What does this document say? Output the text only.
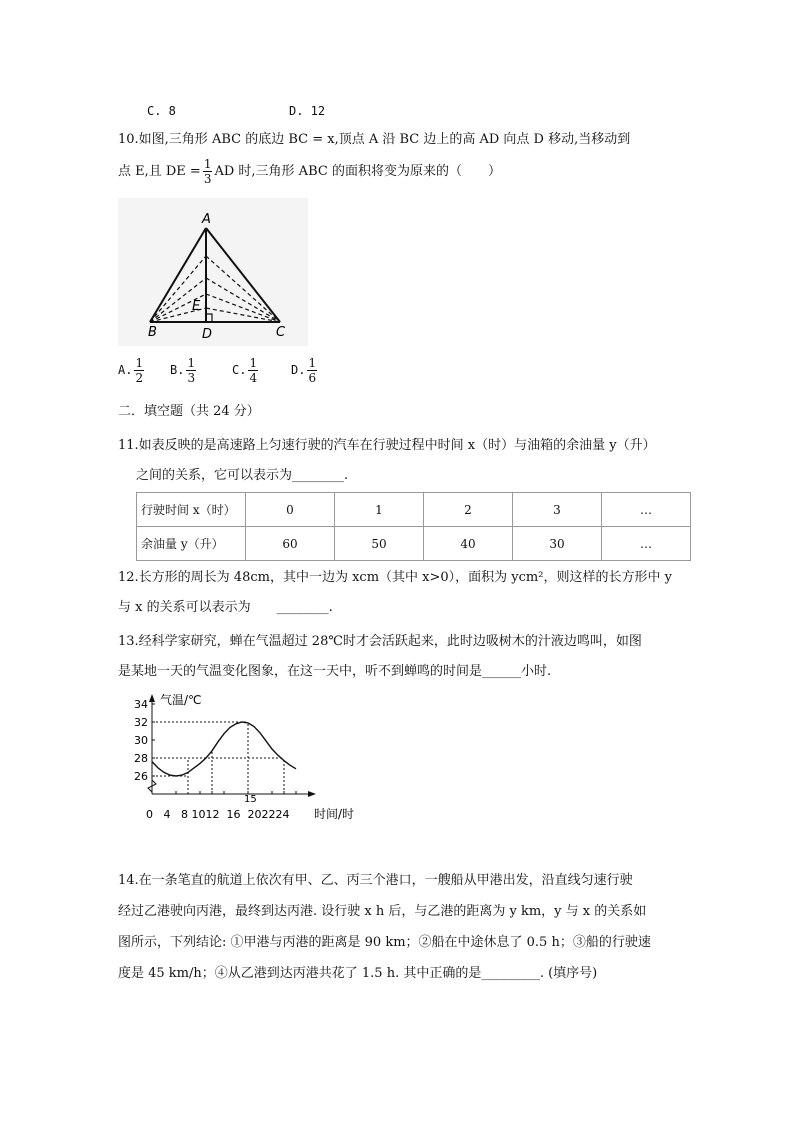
C. 8	D. 12
10.如图,三角形 ABC 的底边 BC = x,顶点 A 沿 BC 边上的高 AD 向点 D 移动,当移动到
点 E,且 DE = $\frac{1}{3}$ AD 时,三角形 ABC 的面积将变为原来的（　　）
A
E
B	D	C
A. $\frac{1}{2} B$. $\frac{1}{3}$	C. $\frac{1}{4}$	D. $\frac{1}{6}$
二．填空题（共 24 分）
11.如表反映的是高速路上匀速行驶的汽车在行驶过程中时间 x（时）与油箱的余油量 y（升）
之间的关系，它可以表示为________.
行驶时间 x（时）	0	1	2	3	…
余油量 y（升）	60	50	40	30	…
12.长方形的周长为 48cm，其中一边为 xcm（其中 x>0），面积为 ycm²，则这样的长方形中 y
与 x 的关系可以表示为　　________.
13.经科学家研究，蝉在气温超过 28℃时才会活跃起来，此时边吸树木的汁液边鸣叫，如图
是某地一天的气温变化图象，在这一天中，听不到蝉鸣的时间是______小时.
26
28
30
32
34 气温/℃
时间/时
15
0   4   8 1012  16  202224
14.在一条笔直的航道上依次有甲、乙、丙三个港口，一艘船从甲港出发，沿直线匀速行驶
经过乙港驶向丙港，最终到达丙港. 设行驶 x h 后，与乙港的距离为 y km，y 与 x 的关系如
图所示，下列结论: ①甲港与丙港的距离是 90 km；②船在中途休息了 0.5 h；③船的行驶速
度是 45 km/h；④从乙港到达丙港共花了 1.5 h. 其中正确的是_________. (填序号)
